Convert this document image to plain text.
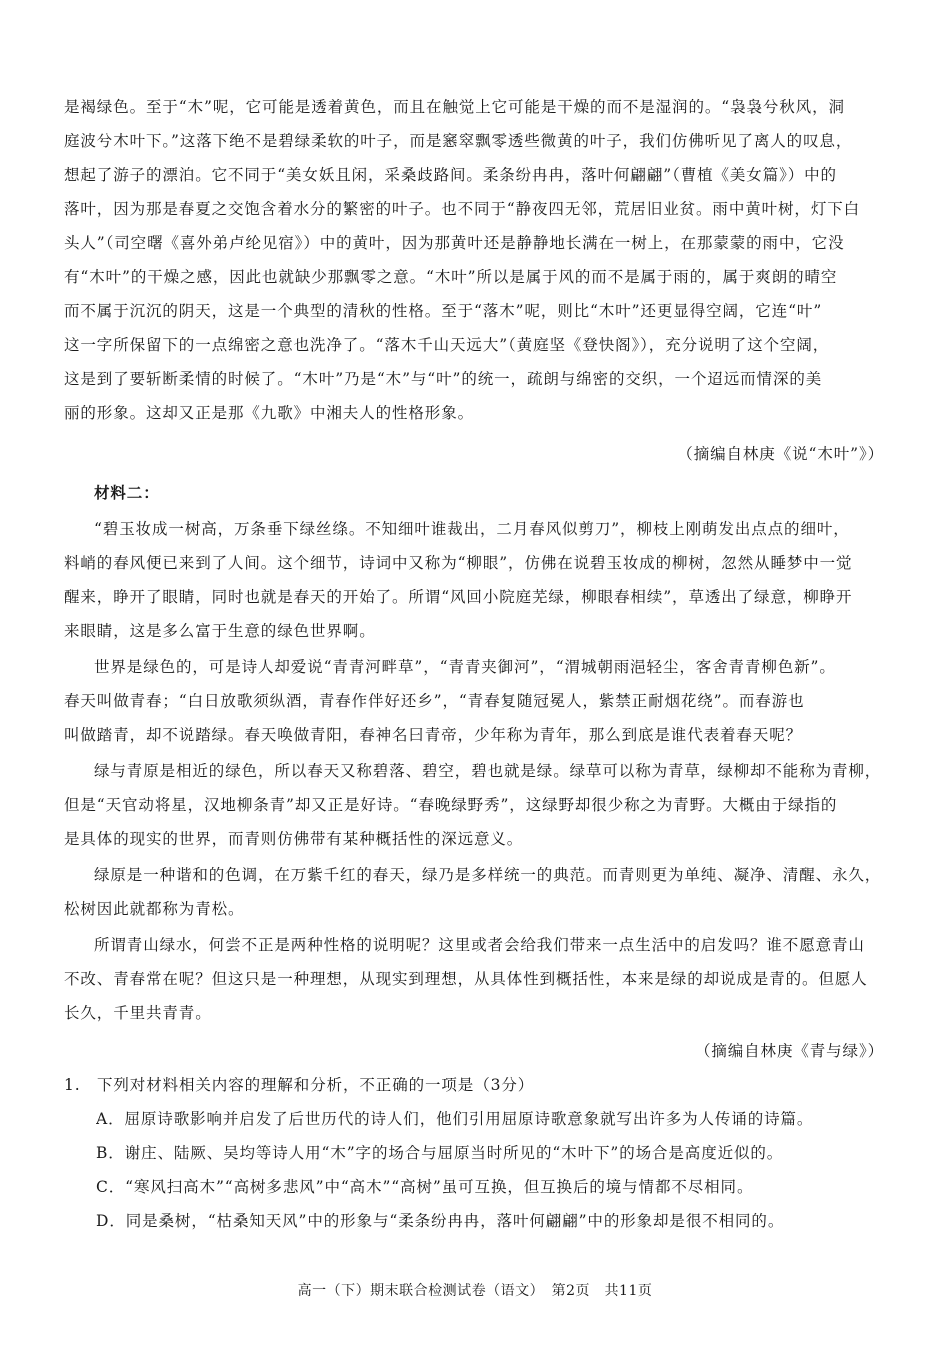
是褐绿色。至于“木”呢，它可能是透着黄色，而且在触觉上它可能是干燥的而不是湿润的。“袅袅兮秋风，洞
庭波兮木叶下。”这落下绝不是碧绿柔软的叶子，而是窸窣飘零透些微黄的叶子，我们仿佛听见了离人的叹息，
想起了游子的漂泊。它不同于“美女妖且闲，采桑歧路间。柔条纷冉冉，落叶何翩翩”（曹植《美女篇》）中的
落叶，因为那是春夏之交饱含着水分的繁密的叶子。也不同于“静夜四无邻，荒居旧业贫。雨中黄叶树，灯下白
头人”（司空曙《喜外弟卢纶见宿》）中的黄叶，因为那黄叶还是静静地长满在一树上，在那蒙蒙的雨中，它没
有“木叶”的干燥之感，因此也就缺少那飘零之意。“木叶”所以是属于风的而不是属于雨的，属于爽朗的晴空
而不属于沉沉的阴天，这是一个典型的清秋的性格。至于“落木”呢，则比“木叶”还更显得空阔，它连“叶”
这一字所保留下的一点绵密之意也洗净了。“落木千山天远大”（黄庭坚《登快阁》），充分说明了这个空阔，
这是到了要斩断柔情的时候了。“木叶”乃是“木”与“叶”的统一，疏朗与绵密的交织，一个迢远而情深的美
丽的形象。这却又正是那《九歌》中湘夫人的性格形象。
（摘编自林庚《说“木叶”》）
材料二：
“碧玉妆成一树高，万条垂下绿丝绦。不知细叶谁裁出，二月春风似剪刀”，柳枝上刚萌发出点点的细叶，
料峭的春风便已来到了人间。这个细节，诗词中又称为“柳眼”，仿佛在说碧玉妆成的柳树，忽然从睡梦中一觉
醒来，睁开了眼睛，同时也就是春天的开始了。所谓“风回小院庭芜绿，柳眼春相续”，草透出了绿意，柳睁开
来眼睛，这是多么富于生意的绿色世界啊。
世界是绿色的，可是诗人却爱说“青青河畔草”，“青青夹御河”，“渭城朝雨浥轻尘，客舍青青柳色新”。
春天叫做青春；“白日放歌须纵酒，青春作伴好还乡”，“青春复随冠冕人，紫禁正耐烟花绕”。而春游也
叫做踏青，却不说踏绿。春天唤做青阳，春神名曰青帝，少年称为青年，那么到底是谁代表着春天呢？
绿与青原是相近的绿色，所以春天又称碧落、碧空，碧也就是绿。绿草可以称为青草，绿柳却不能称为青柳，
但是“天官动将星，汉地柳条青”却又正是好诗。“春晚绿野秀”，这绿野却很少称之为青野。大概由于绿指的
是具体的现实的世界，而青则仿佛带有某种概括性的深远意义。
绿原是一种谐和的色调，在万紫千红的春天，绿乃是多样统一的典范。而青则更为单纯、凝净、清醒、永久，
松树因此就都称为青松。
所谓青山绿水，何尝不正是两种性格的说明呢？这里或者会给我们带来一点生活中的启发吗？谁不愿意青山
不改、青春常在呢？但这只是一种理想，从现实到理想，从具体性到概括性，本来是绿的却说成是青的。但愿人
长久，千里共青青。
（摘编自林庚《青与绿》）
1.　下列对材料相关内容的理解和分析，不正确的一项是（3分）
A．屈原诗歌影响并启发了后世历代的诗人们，他们引用屈原诗歌意象就写出许多为人传诵的诗篇。
B．谢庄、陆厥、吴均等诗人用“木”字的场合与屈原当时所见的“木叶下”的场合是高度近似的。
C．“寒风扫高木”“高树多悲风”中“高木”“高树”虽可互换，但互换后的境与情都不尽相同。
D．同是桑树，“枯桑知天风”中的形象与“柔条纷冉冉，落叶何翩翩”中的形象却是很不相同的。
高一（下）期末联合检测试卷（语文）　第2页　共11页
